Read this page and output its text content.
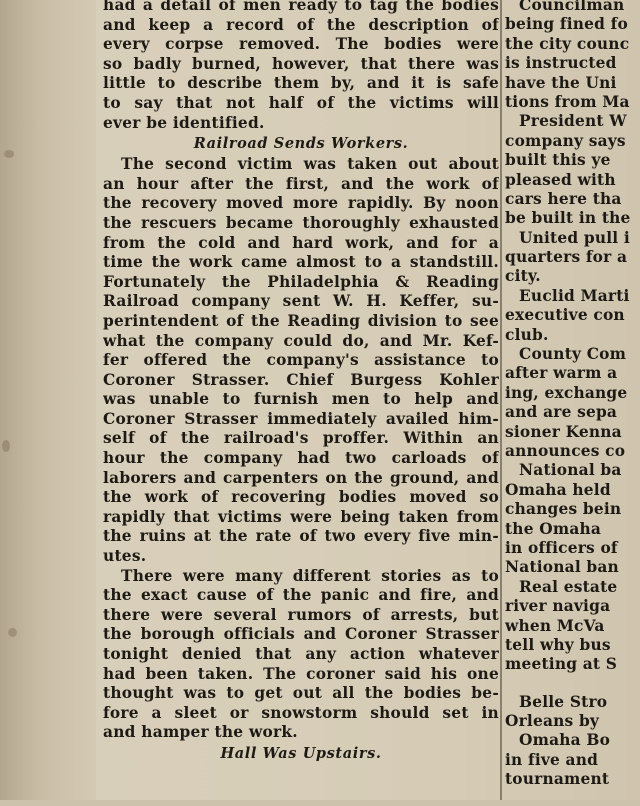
had a detail of men ready to tag the bodies
and keep a record of the description of
every corpse removed. The bodies were
so badly burned, however, that there was
little to describe them by, and it is safe
to say that not half of the victims will
ever be identified.
Railroad Sends Workers.
The second victim was taken out about
an hour after the first, and the work of
the recovery moved more rapidly. By noon
the rescuers became thoroughly exhausted
from the cold and hard work, and for a
time the work came almost to a standstill.
Fortunately the Philadelphia & Reading
Railroad company sent W. H. Keffer, su-
perintendent of the Reading division to see
what the company could do, and Mr. Kef-
fer offered the company's assistance to
Coroner Strasser. Chief Burgess Kohler
was unable to furnish men to help and
Coroner Strasser immediately availed him-
self of the railroad's proffer. Within an
hour the company had two carloads of
laborers and carpenters on the ground, and
the work of recovering bodies moved so
rapidly that victims were being taken from
the ruins at the rate of two every five min-
utes.
There were many different stories as to
the exact cause of the panic and fire, and
there were several rumors of arrests, but
the borough officials and Coroner Strasser
tonight denied that any action whatever
had been taken. The coroner said his one
thought was to get out all the bodies be-
fore a sleet or snowstorm should set in
and hamper the work.
Hall Was Upstairs.
Councilman
being fined fo
the city counc
is instructed
have the Uni
tions from Ma
President W
company says
built this ye
pleased with
cars here tha
be built in the
United pull i
quarters for a
city.
Euclid Marti
executive con
club.
County Com
after warm a
ing, exchange
and are sepa
sioner Kenna
announces co
National ba
Omaha held
changes bein
the Omaha
in officers of
National ban
Real estate
river naviga
when McVa
tell why bus
meeting at S
Belle Stro
Orleans by
Omaha Bo
in five and
tournament
